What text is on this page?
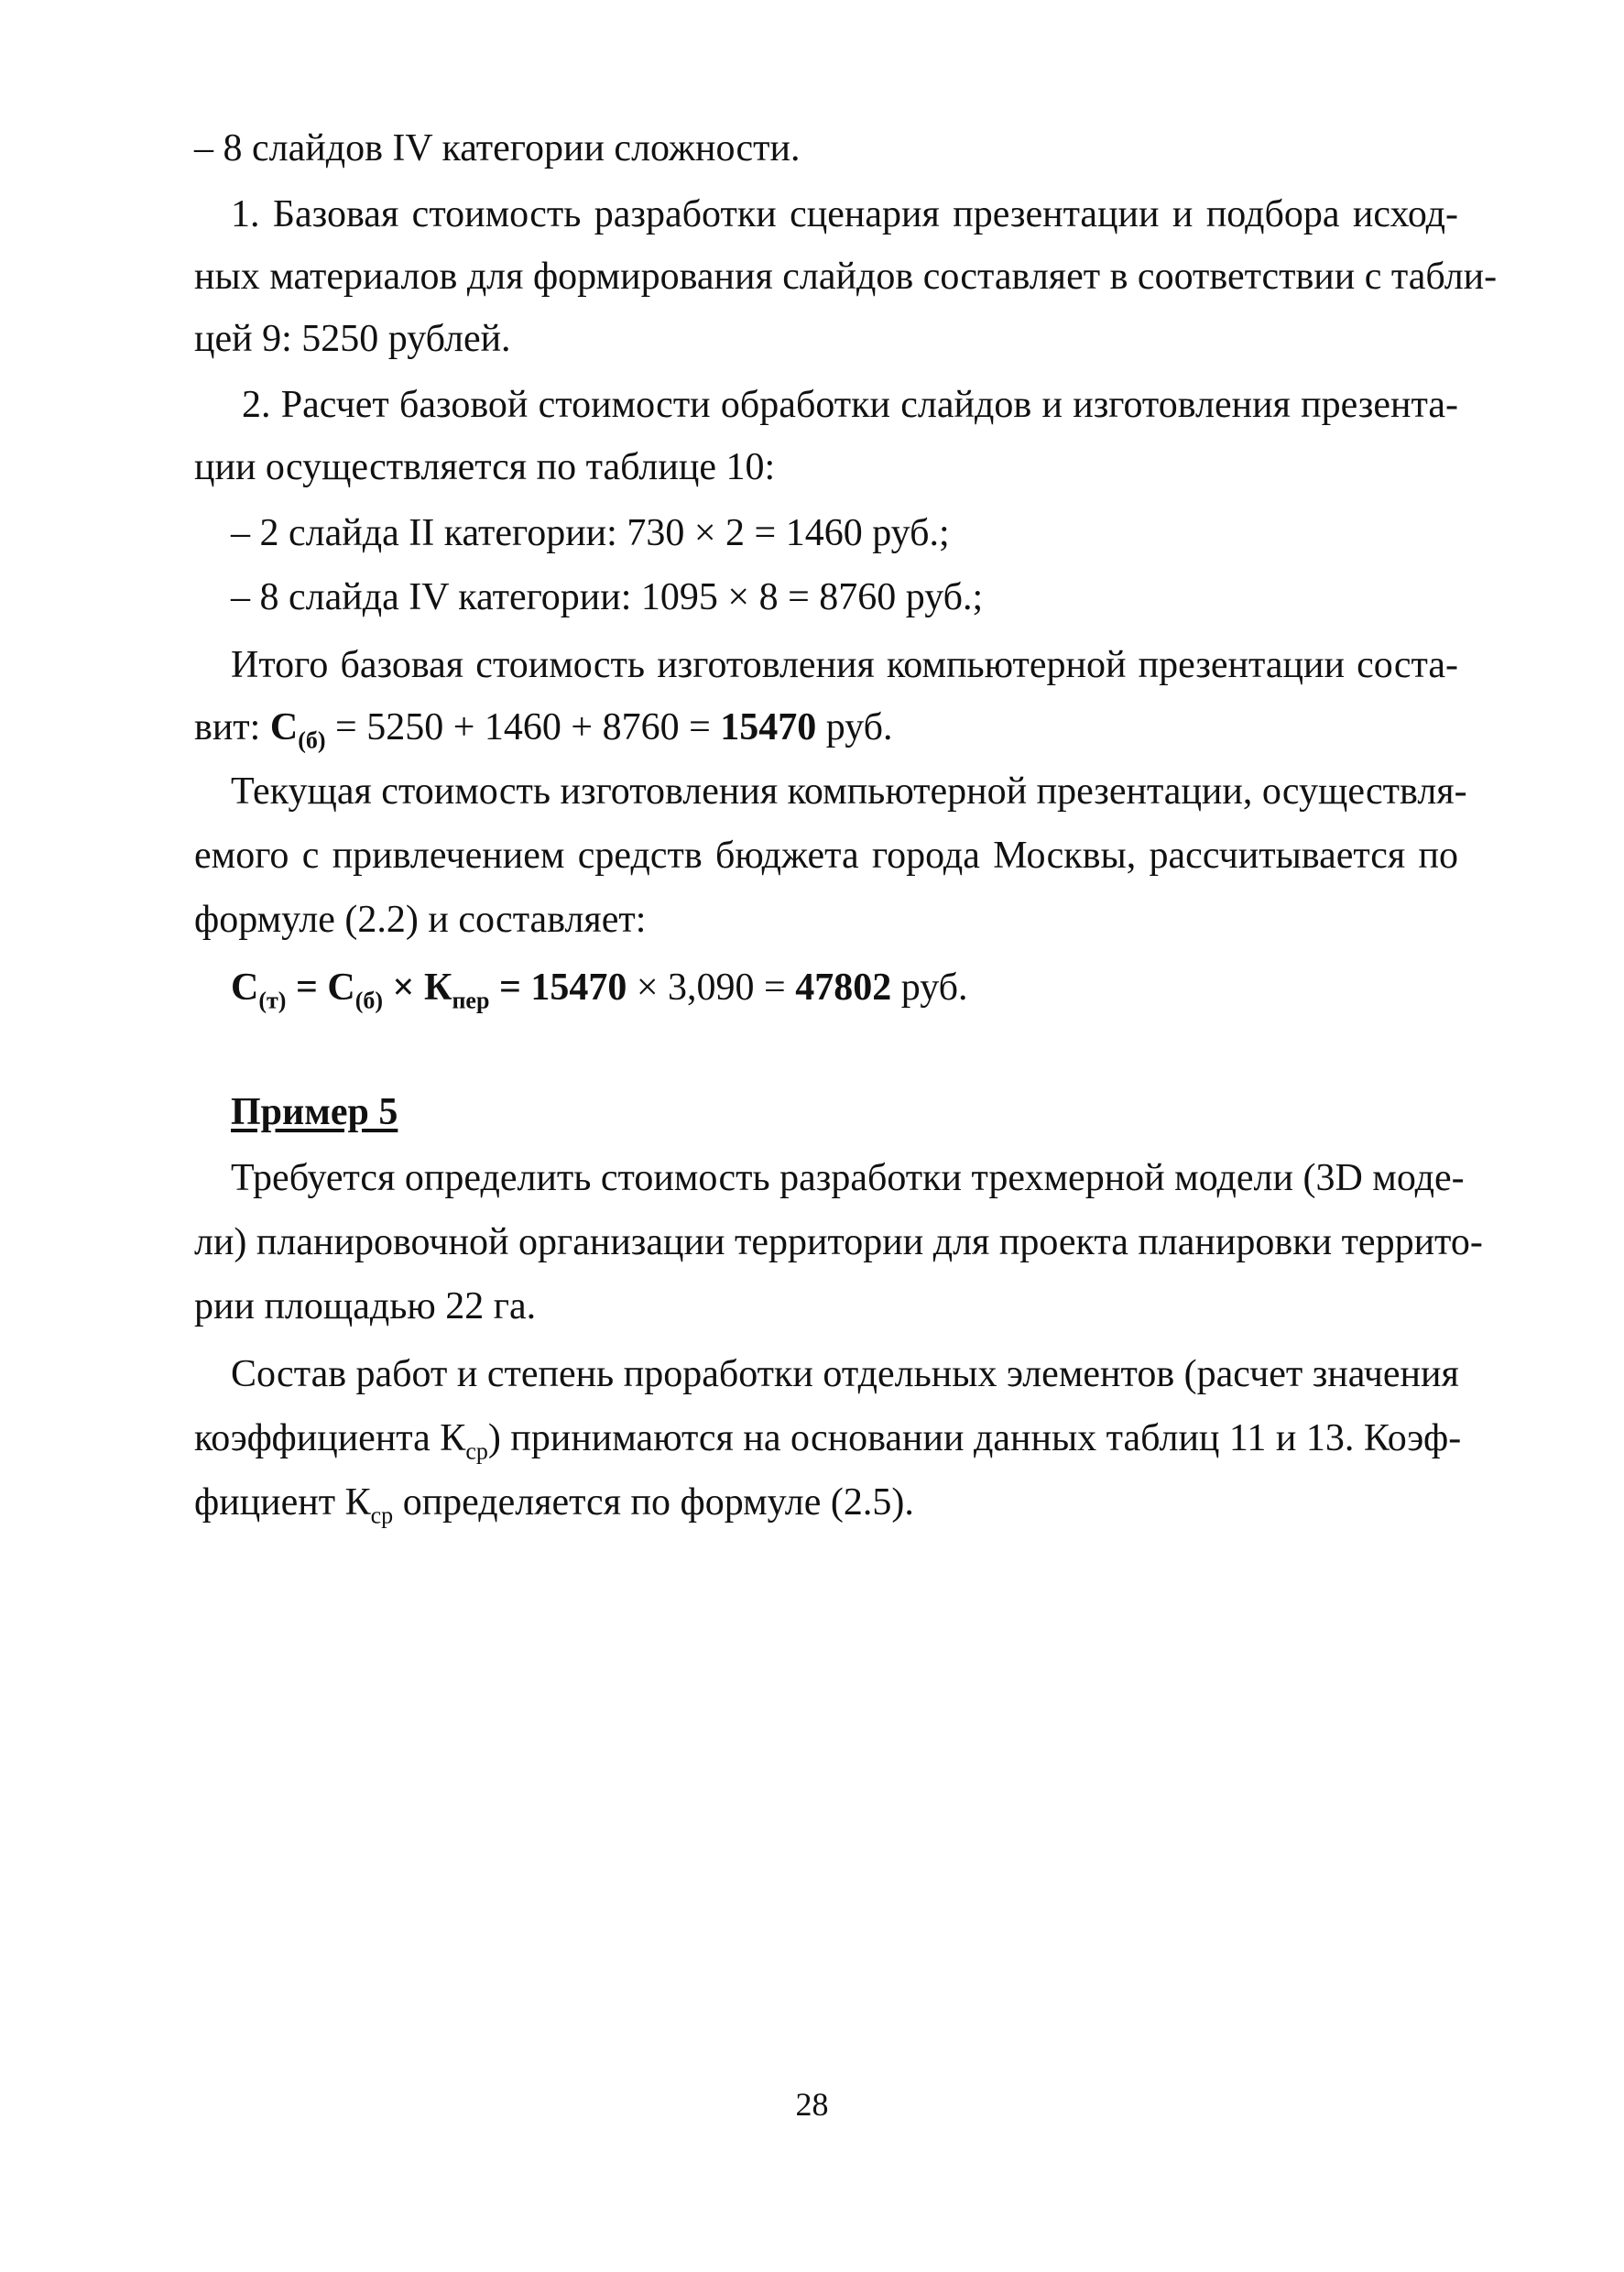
– 8 слайдов IV категории сложности.
1. Базовая стоимость разработки сценария презентации и подбора исход-
ных материалов для формирования слайдов составляет в соответствии с табли-
цей 9: 5250 рублей.
2. Расчет базовой стоимости обработки слайдов и изготовления презента-
ции осуществляется по таблице 10:
– 2 слайда II категории: 730 × 2 = 1460 руб.;
– 8 слайда IV категории: 1095 × 8 = 8760 руб.;
Итого базовая стоимость изготовления компьютерной презентации соста-
вит: $С_{(б)} = 5250 + 1460 + 8760 = 15470$ руб.
Текущая стоимость изготовления компьютерной презентации, осуществля-
емого с привлечением средств бюджета города Москвы, рассчитывается по
формуле (2.2) и составляет:
$С_{(т)} = С_{(б)} \times К_{пер} = 15470 \times 3,090 = 47802$ руб.
Пример 5
Требуется определить стоимость разработки трехмерной модели (3D моде-
ли) планировочной организации территории для проекта планировки террито-
рии площадью 22 га.
Состав работ и степень проработки отдельных элементов (расчет значения
коэффициента $К_{ср}$) принимаются на основании данных таблиц 11 и 13. Коэф-
фициент $К_{ср}$ определяется по формуле (2.5).
28
